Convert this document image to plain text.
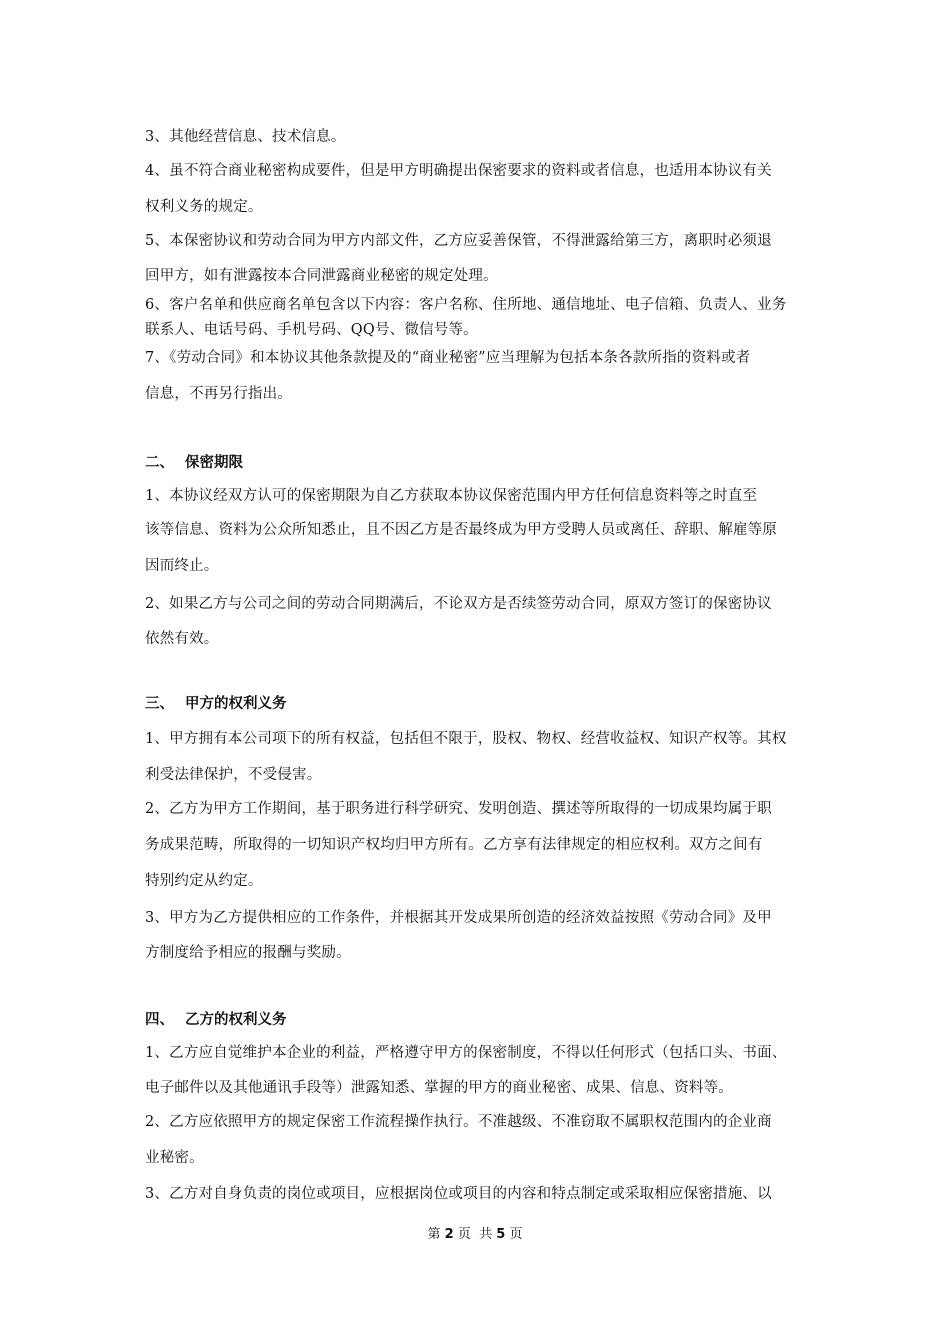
3、其他经营信息、技术信息。
4、虽不符合商业秘密构成要件，但是甲方明确提出保密要求的资料或者信息，也适用本协议有关
权利义务的规定。
5、本保密协议和劳动合同为甲方内部文件，乙方应妥善保管，不得泄露给第三方，离职时必须退
回甲方，如有泄露按本合同泄露商业秘密的规定处理。
6、客户名单和供应商名单包含以下内容：客户名称、住所地、通信地址、电子信箱、负责人、业务
联系人、电话号码、手机号码、QQ号、微信号等。
7、《劳动合同》和本协议其他条款提及的“商业秘密”应当理解为包括本条各款所指的资料或者
信息，不再另行指出。
二、 保密期限
1、本协议经双方认可的保密期限为自乙方获取本协议保密范围内甲方任何信息资料等之时直至
该等信息、资料为公众所知悉止，且不因乙方是否最终成为甲方受聘人员或离任、辞职、解雇等原
因而终止。
2、如果乙方与公司之间的劳动合同期满后，不论双方是否续签劳动合同，原双方签订的保密协议
依然有效。
三、 甲方的权利义务
1、甲方拥有本公司项下的所有权益，包括但不限于，股权、物权、经营收益权、知识产权等。其权
利受法律保护，不受侵害。
2、乙方为甲方工作期间，基于职务进行科学研究、发明创造、撰述等所取得的一切成果均属于职
务成果范畴，所取得的一切知识产权均归甲方所有。乙方享有法律规定的相应权利。双方之间有
特别约定从约定。
3、甲方为乙方提供相应的工作条件，并根据其开发成果所创造的经济效益按照《劳动合同》及甲
方制度给予相应的报酬与奖励。
四、 乙方的权利义务
1、乙方应自觉维护本企业的利益，严格遵守甲方的保密制度，不得以任何形式（包括口头、书面、
电子邮件以及其他通讯手段等）泄露知悉、掌握的甲方的商业秘密、成果、信息、资料等。
2、乙方应依照甲方的规定保密工作流程操作执行。不准越级、不准窃取不属职权范围内的企业商
业秘密。
3、乙方对自身负责的岗位或项目，应根据岗位或项目的内容和特点制定或采取相应保密措施、以
第 2 页  共 5 页
